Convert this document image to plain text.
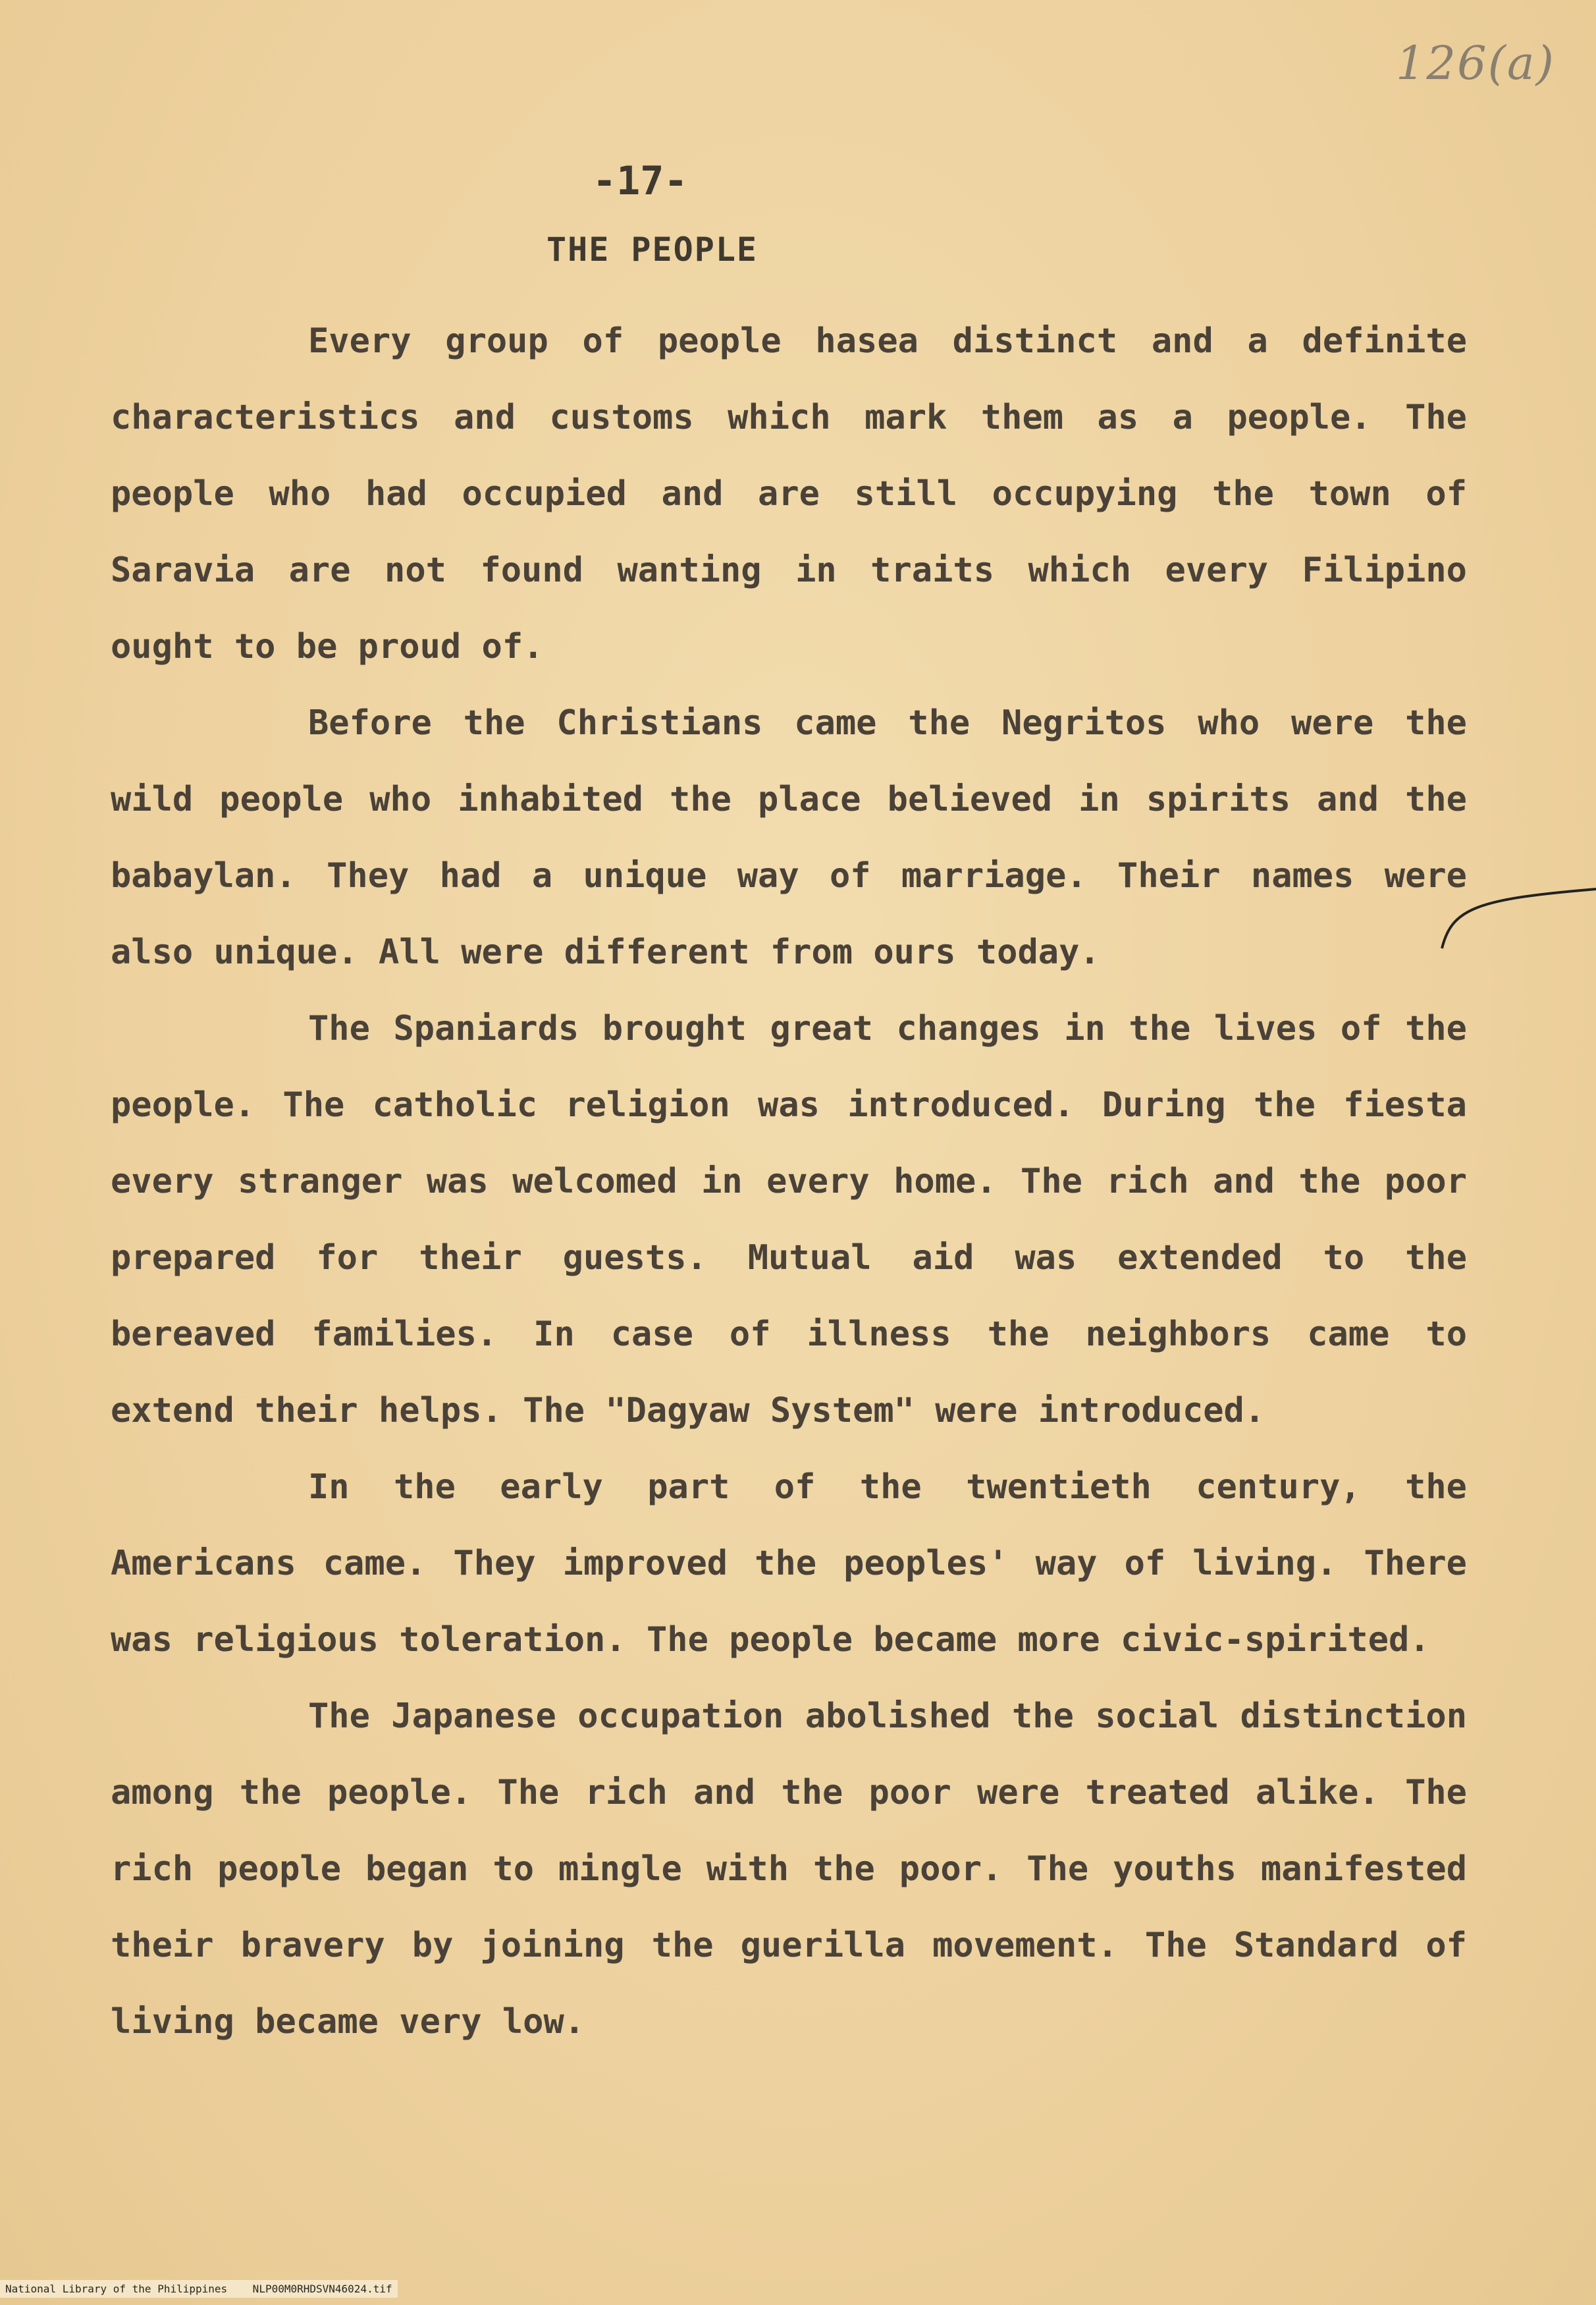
126(a)
-17-
THE PEOPLE

Every group of people hasea distinct and a definite characteristics and customs which mark them as a people. The people who had occupied and are still occupying the town of Saravia are not found wanting in traits which every Filipino ought to be proud of.

Before the Christians came the Negritos who were the wild people who inhabited the place believed in spirits and the babaylan. They had a unique way of marriage. Their names were also unique. All were different from ours today.

The Spaniards brought great changes in the lives of the people. The catholic religion was introduced. During the fiesta every stranger was welcomed in every home. The rich and the poor prepared for their guests. Mutual aid was extended to the bereaved families. In case of illness the neighbors came to extend their helps. The "Dagyaw System" were introduced.

In the early part of the twentieth century, the Americans came. They improved the peoples' way of living. There was religious toleration. The people became more civic-spirited.

The Japanese occupation abolished the social distinction among the people. The rich and the poor were treated alike. The rich people began to mingle with the poor. The youths manifested their bravery by joining the guerilla movement. The Standard of living became very low.

National Library of the Philippines    NLP00M0RHDSVN46024.tif
